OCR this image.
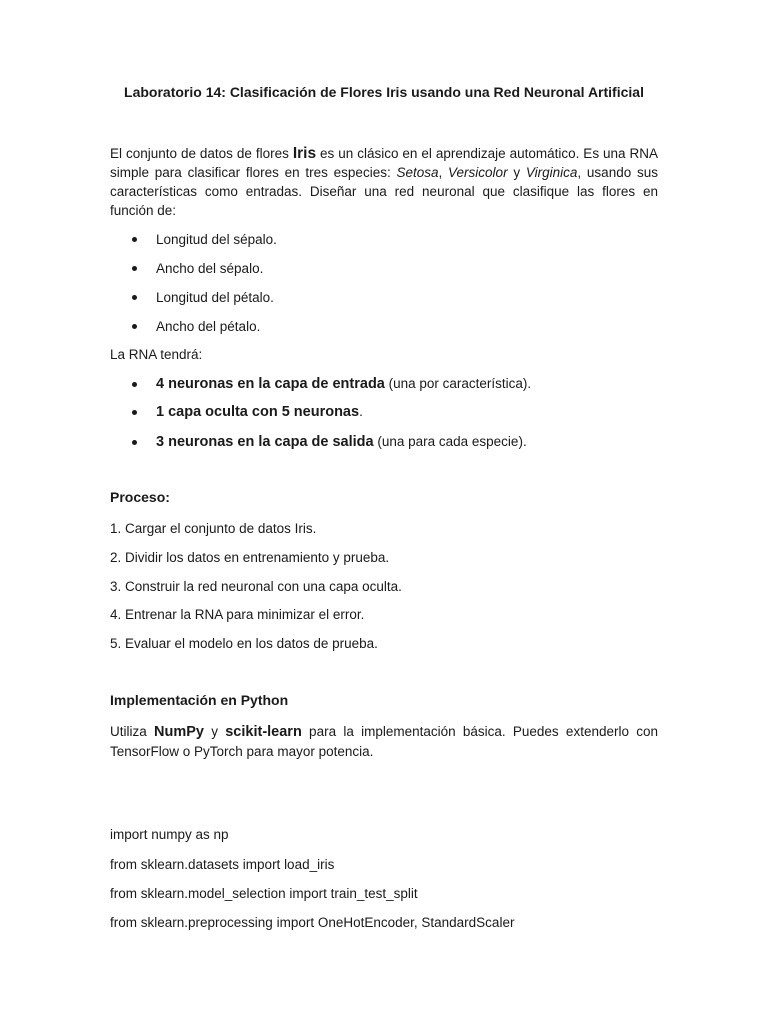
Laboratorio 14: Clasificación de Flores Iris usando una Red Neuronal Artificial

El conjunto de datos de flores Iris es un clásico en el aprendizaje automático. Es una RNA simple para clasificar flores en tres especies: Setosa, Versicolor y Virginica, usando sus características como entradas. Diseñar una red neuronal que clasifique las flores en función de:

Longitud del sépalo.
Ancho del sépalo.
Longitud del pétalo.
Ancho del pétalo.
La RNA tendrá:
4 neuronas en la capa de entrada (una por característica).
1 capa oculta con 5 neuronas.
3 neuronas en la capa de salida (una para cada especie).
Proceso:
1. Cargar el conjunto de datos Iris.
2. Dividir los datos en entrenamiento y prueba.
3. Construir la red neuronal con una capa oculta.
4. Entrenar la RNA para minimizar el error.
5. Evaluar el modelo en los datos de prueba.
Implementación en Python

Utiliza NumPy y scikit-learn para la implementación básica. Puedes extenderlo con TensorFlow o PyTorch para mayor potencia.

import numpy as np
from sklearn.datasets import load_iris
from sklearn.model_selection import train_test_split
from sklearn.preprocessing import OneHotEncoder, StandardScaler
